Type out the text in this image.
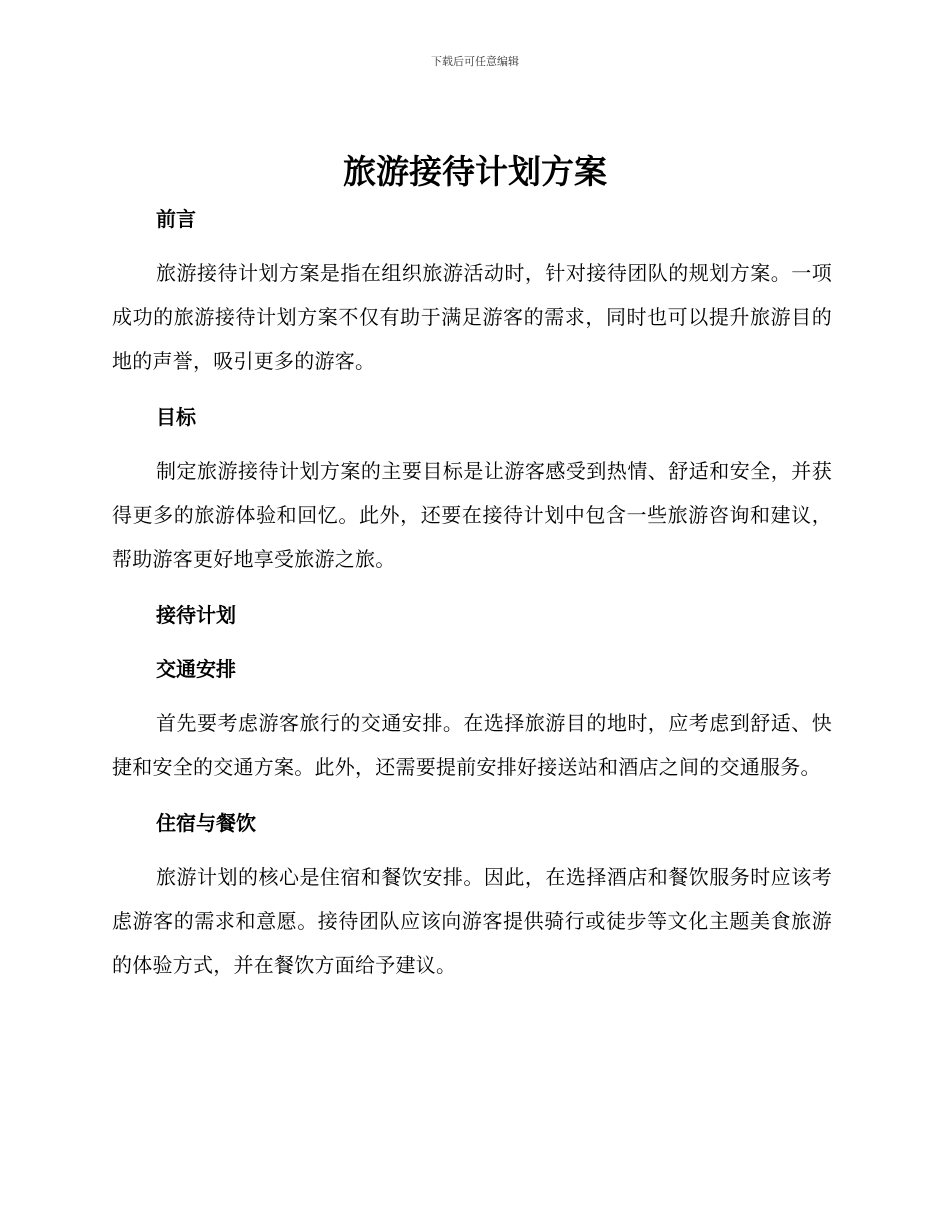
下载后可任意编辑
旅游接待计划方案
前言

旅游接待计划方案是指在组织旅游活动时，针对接待团队的规划方案。一项成功的旅游接待计划方案不仅有助于满足游客的需求，同时也可以提升旅游目的地的声誉，吸引更多的游客。

目标

制定旅游接待计划方案的主要目标是让游客感受到热情、舒适和安全，并获得更多的旅游体验和回忆。此外，还要在接待计划中包含一些旅游咨询和建议，帮助游客更好地享受旅游之旅。

接待计划
交通安排

首先要考虑游客旅行的交通安排。在选择旅游目的地时，应考虑到舒适、快捷和安全的交通方案。此外，还需要提前安排好接送站和酒店之间的交通服务。

住宿与餐饮

旅游计划的核心是住宿和餐饮安排。因此，在选择酒店和餐饮服务时应该考虑游客的需求和意愿。接待团队应该向游客提供骑行或徒步等文化主题美食旅游的体验方式，并在餐饮方面给予建议。
